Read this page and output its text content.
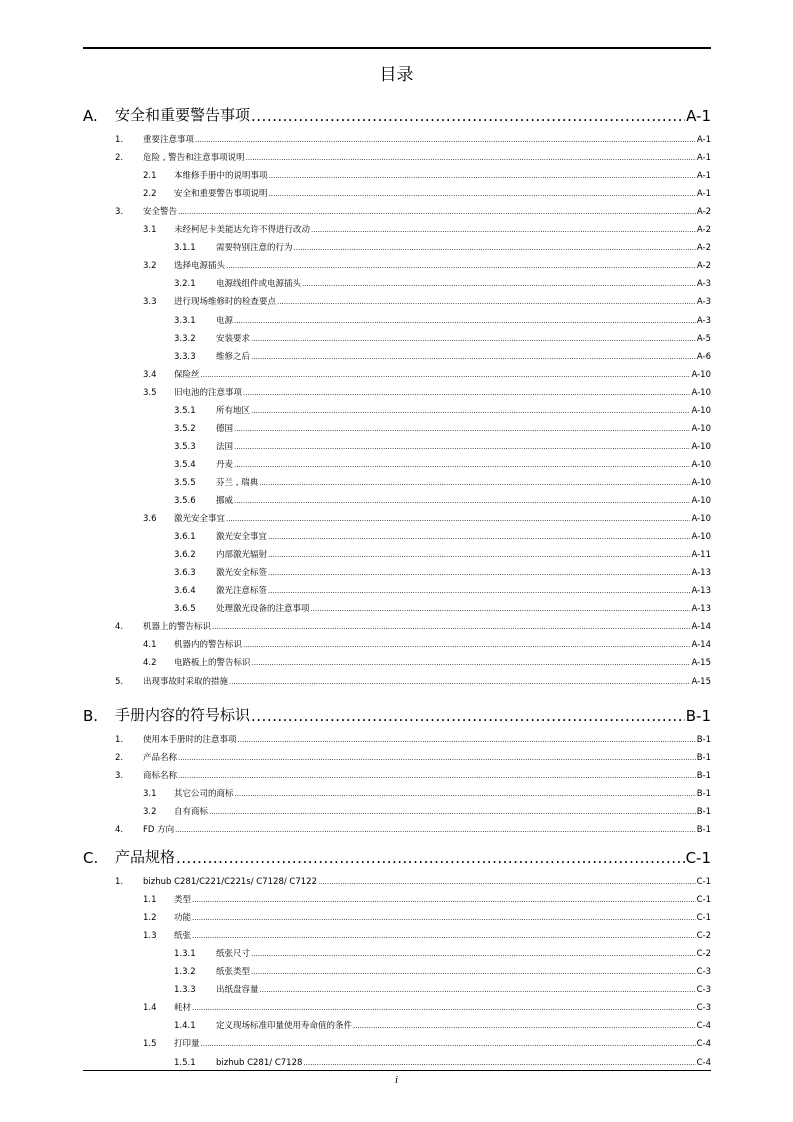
目录
A.	安全和重要警告事项 .....	A-1
1.	重要注意事项 .....	A-1
2.	危险 , 警告和注意事项说明 .....	A-1
2.1	本维修手册中的说明事项 .....	A-1
2.2	安全和重要警告事项说明 .....	A-1
3.	安全警告 .....	A-2
3.1	未经柯尼卡美能达允许不得进行改动 .....	A-2
3.1.1	需要特别注意的行为 .....	A-2
3.2	选择电源插头 .....	A-2
3.2.1	电源线组件或电源插头 .....	A-3
3.3	进行现场维修时的检查要点 .....	A-3
3.3.1	电源 .....	A-3
3.3.2	安装要求 .....	A-5
3.3.3	维修之后 .....	A-6
3.4	保险丝 .....	A-10
3.5	旧电池的注意事项 .....	A-10
3.5.1	所有地区 .....	A-10
3.5.2	德国 .....	A-10
3.5.3	法国 .....	A-10
3.5.4	丹麦 .....	A-10
3.5.5	芬兰 , 瑞典 .....	A-10
3.5.6	挪威 .....	A-10
3.6	激光安全事宜 .....	A-10
3.6.1	激光安全事宜 .....	A-10
3.6.2	内部激光辐射 .....	A-11
3.6.3	激光安全标签 .....	A-13
3.6.4	激光注意标签 .....	A-13
3.6.5	处理激光设备的注意事项 .....	A-13
4.	机器上的警告标识 .....	A-14
4.1	机器内的警告标识 .....	A-14
4.2	电路板上的警告标识 .....	A-15
5.	出现事故时采取的措施 .....	A-15
B.	手册内容的符号标识 .....	B-1
1.	使用本手册时的注意事项 .....	B-1
2.	产品名称 .....	B-1
3.	商标名称 .....	B-1
3.1	其它公司的商标 .....	B-1
3.2	自有商标 .....	B-1
4.	FD 方向 .....	B-1
C.	产品规格 .....	C-1
1.	bizhub C281/C221/C221s/ C7128/ C7122 .....	C-1
1.1	类型 .....	C-1
1.2	功能 .....	C-1
1.3	纸张 .....	C-2
1.3.1	纸张尺寸 .....	C-2
1.3.2	纸张类型 .....	C-3
1.3.3	出纸盘容量 .....	C-3
1.4	耗材 .....	C-3
1.4.1	定义现场标准印量使用寿命值的条件 .....	C-4
1.5	打印量 .....	C-4
1.5.1	bizhub C281/ C7128 .....	C-4
i
